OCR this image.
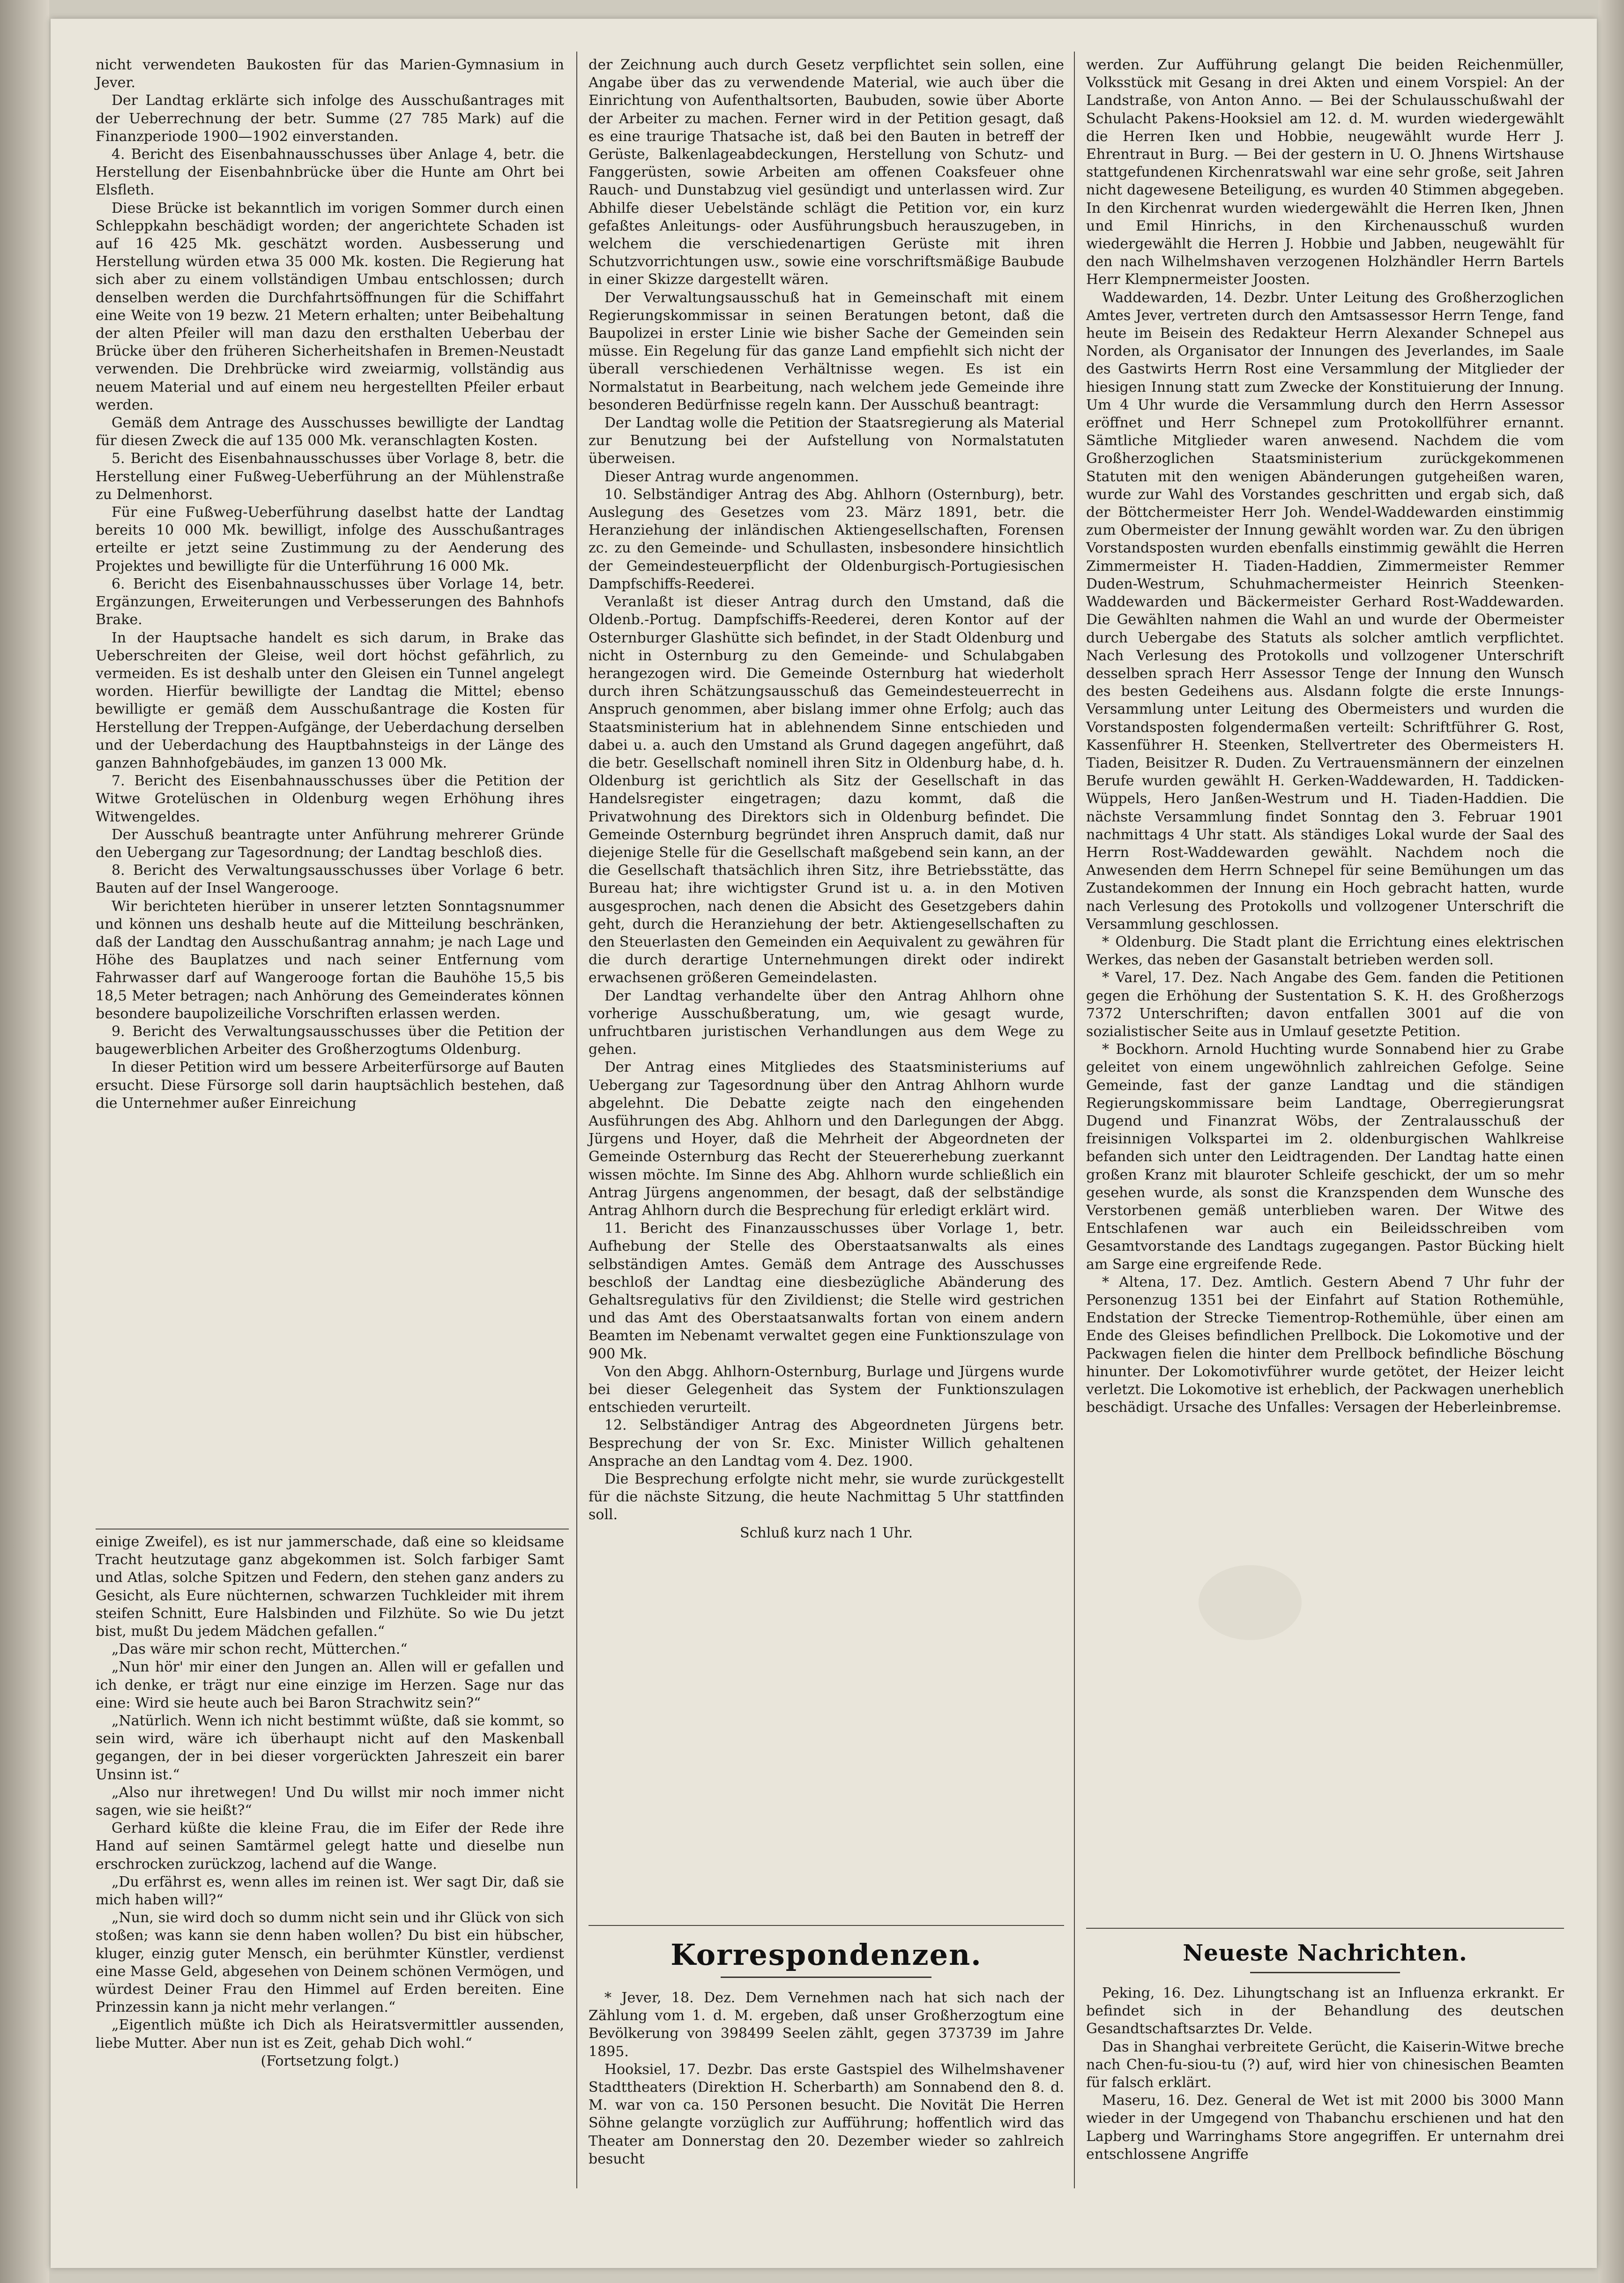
nicht verwendeten Baukosten für das Marien-Gymnasium in Jever.

Der Landtag erklärte sich infolge des Ausschußantrages mit der Ueberrechnung der betr. Summe (27 785 Mark) auf die Finanzperiode 1900—1902 einverstanden.

4. Bericht des Eisenbahnausschusses über Anlage 4, betr. die Herstellung der Eisenbahnbrücke über die Hunte am Ohrt bei Elsfleth.

Diese Brücke ist bekanntlich im vorigen Sommer durch einen Schleppkahn beschädigt worden; der angerichtete Schaden ist auf 16 425 Mk. geschätzt worden. Ausbesserung und Herstellung würden etwa 35 000 Mk. kosten. Die Regierung hat sich aber zu einem vollständigen Umbau entschlossen; durch denselben werden die Durchfahrtsöffnungen für die Schiffahrt eine Weite von 19 bezw. 21 Metern erhalten; unter Beibehaltung der alten Pfeiler will man dazu den ersthalten Ueberbau der Brücke über den früheren Sicherheitshafen in Bremen-Neustadt verwenden. Die Drehbrücke wird zweiarmig, vollständig aus neuem Material und auf einem neu hergestellten Pfeiler erbaut werden.

Gemäß dem Antrage des Ausschusses bewilligte der Landtag für diesen Zweck die auf 135 000 Mk. veranschlagten Kosten.

5. Bericht des Eisenbahnausschusses über Vorlage 8, betr. die Herstellung einer Fußweg-Ueberführung an der Mühlenstraße zu Delmenhorst.

Für eine Fußweg-Ueberführung daselbst hatte der Landtag bereits 10 000 Mk. bewilligt, infolge des Ausschußantrages erteilte er jetzt seine Zustimmung zu der Aenderung des Projektes und bewilligte für die Unterführung 16 000 Mk.

6. Bericht des Eisenbahnausschusses über Vorlage 14, betr. Ergänzungen, Erweiterungen und Verbesserungen des Bahnhofs Brake.

In der Hauptsache handelt es sich darum, in Brake das Ueberschreiten der Gleise, weil dort höchst gefährlich, zu vermeiden. Es ist deshalb unter den Gleisen ein Tunnel angelegt worden. Hierfür bewilligte der Landtag die Mittel; ebenso bewilligte er gemäß dem Ausschußantrage die Kosten für Herstellung der Treppen-Aufgänge, der Ueberdachung derselben und der Ueberdachung des Hauptbahnsteigs in der Länge des ganzen Bahnhofgebäudes, im ganzen 13 000 Mk.

7. Bericht des Eisenbahnausschusses über die Petition der Witwe Grotelüschen in Oldenburg wegen Erhöhung ihres Witwengeldes.

Der Ausschuß beantragte unter Anführung mehrerer Gründe den Uebergang zur Tagesordnung; der Landtag beschloß dies.

8. Bericht des Verwaltungsausschusses über Vorlage 6 betr. Bauten auf der Insel Wangerooge.

Wir berichteten hierüber in unserer letzten Sonntagsnummer und können uns deshalb heute auf die Mitteilung beschränken, daß der Landtag den Ausschußantrag annahm; je nach Lage und Höhe des Bauplatzes und nach seiner Entfernung vom Fahrwasser darf auf Wangerooge fortan die Bauhöhe 15,5 bis 18,5 Meter betragen; nach Anhörung des Gemeinderates können besondere baupolizeiliche Vorschriften erlassen werden.

9. Bericht des Verwaltungsausschusses über die Petition der baugewerblichen Arbeiter des Großherzogtums Oldenburg.

In dieser Petition wird um bessere Arbeiterfürsorge auf Bauten ersucht. Diese Fürsorge soll darin hauptsächlich bestehen, daß die Unternehmer außer Einreichung

einige Zweifel), es ist nur jammerschade, daß eine so kleidsame Tracht heutzutage ganz abgekommen ist. Solch farbiger Samt und Atlas, solche Spitzen und Federn, den stehen ganz anders zu Gesicht, als Eure nüchternen, schwarzen Tuchkleider mit ihrem steifen Schnitt, Eure Halsbinden und Filzhüte. So wie Du jetzt bist, mußt Du jedem Mädchen gefallen.“

„Das wäre mir schon recht, Mütterchen.“

„Nun hör' mir einer den Jungen an. Allen will er gefallen und ich denke, er trägt nur eine einzige im Herzen. Sage nur das eine: Wird sie heute auch bei Baron Strachwitz sein?“

„Natürlich. Wenn ich nicht bestimmt wüßte, daß sie kommt, so sein wird, wäre ich überhaupt nicht auf den Maskenball gegangen, der in bei dieser vorgerückten Jahreszeit ein barer Unsinn ist.“

„Also nur ihretwegen! Und Du willst mir noch immer nicht sagen, wie sie heißt?“

Gerhard küßte die kleine Frau, die im Eifer der Rede ihre Hand auf seinen Samtärmel gelegt hatte und dieselbe nun erschrocken zurückzog, lachend auf die Wange.

„Du erfährst es, wenn alles im reinen ist. Wer sagt Dir, daß sie mich haben will?“

„Nun, sie wird doch so dumm nicht sein und ihr Glück von sich stoßen; was kann sie denn haben wollen? Du bist ein hübscher, kluger, einzig guter Mensch, ein berühmter Künstler, verdienst eine Masse Geld, abgesehen von Deinem schönen Vermögen, und würdest Deiner Frau den Himmel auf Erden bereiten. Eine Prinzessin kann ja nicht mehr verlangen.“

„Eigentlich müßte ich Dich als Heiratsvermittler aussenden, liebe Mutter. Aber nun ist es Zeit, gehab Dich wohl.“

(Fortsetzung folgt.)

der Zeichnung auch durch Gesetz verpflichtet sein sollen, eine Angabe über das zu verwendende Material, wie auch über die Einrichtung von Aufenthaltsorten, Baubuden, sowie über Aborte der Arbeiter zu machen. Ferner wird in der Petition gesagt, daß es eine traurige Thatsache ist, daß bei den Bauten in betreff der Gerüste, Balkenlageabdeckungen, Herstellung von Schutz- und Fanggerüsten, sowie Arbeiten am offenen Coaksfeuer ohne Rauch- und Dunstabzug viel gesündigt und unterlassen wird. Zur Abhilfe dieser Uebelstände schlägt die Petition vor, ein kurz gefaßtes Anleitungs- oder Ausführungsbuch herauszugeben, in welchem die verschiedenartigen Gerüste mit ihren Schutzvorrichtungen usw., sowie eine vorschriftsmäßige Baubude in einer Skizze dargestellt wären.

Der Verwaltungsausschuß hat in Gemeinschaft mit einem Regierungskommissar in seinen Beratungen betont, daß die Baupolizei in erster Linie wie bisher Sache der Gemeinden sein müsse. Ein Regelung für das ganze Land empfiehlt sich nicht der überall verschiedenen Verhältnisse wegen. Es ist ein Normalstatut in Bearbeitung, nach welchem jede Gemeinde ihre besonderen Bedürfnisse regeln kann. Der Ausschuß beantragt:

Der Landtag wolle die Petition der Staatsregierung als Material zur Benutzung bei der Aufstellung von Normalstatuten überweisen.

Dieser Antrag wurde angenommen.

10. Selbständiger Antrag des Abg. Ahlhorn (Osternburg), betr. Auslegung des Gesetzes vom 23. März 1891, betr. die Heranziehung der inländischen Aktiengesellschaften, Forensen zc. zu den Gemeinde- und Schullasten, insbesondere hinsichtlich der Gemeindesteuerpflicht der Oldenburgisch-Portugiesischen Dampfschiffs-Reederei.

Veranlaßt ist dieser Antrag durch den Umstand, daß die Oldenb.-Portug. Dampfschiffs-Reederei, deren Kontor auf der Osternburger Glashütte sich befindet, in der Stadt Oldenburg und nicht in Osternburg zu den Gemeinde- und Schulabgaben herangezogen wird. Die Gemeinde Osternburg hat wiederholt durch ihren Schätzungsausschuß das Gemeindesteuerrecht in Anspruch genommen, aber bislang immer ohne Erfolg; auch das Staatsministerium hat in ablehnendem Sinne entschieden und dabei u. a. auch den Umstand als Grund dagegen angeführt, daß die betr. Gesellschaft nominell ihren Sitz in Oldenburg habe, d. h. Oldenburg ist gerichtlich als Sitz der Gesellschaft in das Handelsregister eingetragen; dazu kommt, daß die Privatwohnung des Direktors sich in Oldenburg befindet. Die Gemeinde Osternburg begründet ihren Anspruch damit, daß nur diejenige Stelle für die Gesellschaft maßgebend sein kann, an der die Gesellschaft thatsächlich ihren Sitz, ihre Betriebsstätte, das Bureau hat; ihre wichtigster Grund ist u. a. in den Motiven ausgesprochen, nach denen die Absicht des Gesetzgebers dahin geht, durch die Heranziehung der betr. Aktiengesellschaften zu den Steuerlasten den Gemeinden ein Aequivalent zu gewähren für die durch derartige Unternehmungen direkt oder indirekt erwachsenen größeren Gemeindelasten.

Der Landtag verhandelte über den Antrag Ahlhorn ohne vorherige Ausschußberatung, um, wie gesagt wurde, unfruchtbaren juristischen Verhandlungen aus dem Wege zu gehen.

Der Antrag eines Mitgliedes des Staatsministeriums auf Uebergang zur Tagesordnung über den Antrag Ahlhorn wurde abgelehnt. Die Debatte zeigte nach den eingehenden Ausführungen des Abg. Ahlhorn und den Darlegungen der Abgg. Jürgens und Hoyer, daß die Mehrheit der Abgeordneten der Gemeinde Osternburg das Recht der Steuererhebung zuerkannt wissen möchte. Im Sinne des Abg. Ahlhorn wurde schließlich ein Antrag Jürgens angenommen, der besagt, daß der selbständige Antrag Ahlhorn durch die Besprechung für erledigt erklärt wird.

11. Bericht des Finanzausschusses über Vorlage 1, betr. Aufhebung der Stelle des Oberstaatsanwalts als eines selbständigen Amtes. Gemäß dem Antrage des Ausschusses beschloß der Landtag eine diesbezügliche Abänderung des Gehaltsregulativs für den Zivildienst; die Stelle wird gestrichen und das Amt des Oberstaatsanwalts fortan von einem andern Beamten im Nebenamt verwaltet gegen eine Funktionszulage von 900 Mk.

Von den Abgg. Ahlhorn-Osternburg, Burlage und Jürgens wurde bei dieser Gelegenheit das System der Funktionszulagen entschieden verurteilt.

12. Selbständiger Antrag des Abgeordneten Jürgens betr. Besprechung der von Sr. Exc. Minister Willich gehaltenen Ansprache an den Landtag vom 4. Dez. 1900.

Die Besprechung erfolgte nicht mehr, sie wurde zurückgestellt für die nächste Sitzung, die heute Nachmittag 5 Uhr stattfinden soll.

Schluß kurz nach 1 Uhr.

Korrespondenzen.

* Jever, 18. Dez. Dem Vernehmen nach hat sich nach der Zählung vom 1. d. M. ergeben, daß unser Großherzogtum eine Bevölkerung von 398499 Seelen zählt, gegen 373739 im Jahre 1895.

Hooksiel, 17. Dezbr. Das erste Gastspiel des Wilhelmshavener Stadttheaters (Direktion H. Scherbarth) am Sonnabend den 8. d. M. war von ca. 150 Personen besucht. Die Novität Die Herren Söhne gelangte vorzüglich zur Aufführung; hoffentlich wird das Theater am Donnerstag den 20. Dezember wieder so zahlreich besucht

werden. Zur Aufführung gelangt Die beiden Reichenmüller, Volksstück mit Gesang in drei Akten und einem Vorspiel: An der Landstraße, von Anton Anno. — Bei der Schulausschußwahl der Schulacht Pakens-Hooksiel am 12. d. M. wurden wiedergewählt die Herren Iken und Hobbie, neugewählt wurde Herr J. Ehrentraut in Burg. — Bei der gestern in U. O. Jhnens Wirtshause stattgefundenen Kirchenratswahl war eine sehr große, seit Jahren nicht dagewesene Beteiligung, es wurden 40 Stimmen abgegeben. In den Kirchenrat wurden wiedergewählt die Herren Iken, Jhnen und Emil Hinrichs, in den Kirchenausschuß wurden wiedergewählt die Herren J. Hobbie und Jabben, neugewählt für den nach Wilhelmshaven verzogenen Holzhändler Herrn Bartels Herr Klempnermeister Joosten.

Waddewarden, 14. Dezbr. Unter Leitung des Großherzoglichen Amtes Jever, vertreten durch den Amtsassessor Herrn Tenge, fand heute im Beisein des Redakteur Herrn Alexander Schnepel aus Norden, als Organisator der Innungen des Jeverlandes, im Saale des Gastwirts Herrn Rost eine Versammlung der Mitglieder der hiesigen Innung statt zum Zwecke der Konstituierung der Innung. Um 4 Uhr wurde die Versammlung durch den Herrn Assessor eröffnet und Herr Schnepel zum Protokollführer ernannt. Sämtliche Mitglieder waren anwesend. Nachdem die vom Großherzoglichen Staatsministerium zurückgekommenen Statuten mit den wenigen Abänderungen gutgeheißen waren, wurde zur Wahl des Vorstandes geschritten und ergab sich, daß der Böttchermeister Herr Joh. Wendel-Waddewarden einstimmig zum Obermeister der Innung gewählt worden war. Zu den übrigen Vorstandsposten wurden ebenfalls einstimmig gewählt die Herren Zimmermeister H. Tiaden-Haddien, Zimmermeister Remmer Duden-Westrum, Schuhmachermeister Heinrich Steenken-Waddewarden und Bäckermeister Gerhard Rost-Waddewarden. Die Gewählten nahmen die Wahl an und wurde der Obermeister durch Uebergabe des Statuts als solcher amtlich verpflichtet. Nach Verlesung des Protokolls und vollzogener Unterschrift desselben sprach Herr Assessor Tenge der Innung den Wunsch des besten Gedeihens aus. Alsdann folgte die erste Innungs-Versammlung unter Leitung des Obermeisters und wurden die Vorstandsposten folgendermaßen verteilt: Schriftführer G. Rost, Kassenführer H. Steenken, Stellvertreter des Obermeisters H. Tiaden, Beisitzer R. Duden. Zu Vertrauensmännern der einzelnen Berufe wurden gewählt H. Gerken-Waddewarden, H. Taddicken-Wüppels, Hero Janßen-Westrum und H. Tiaden-Haddien. Die nächste Versammlung findet Sonntag den 3. Februar 1901 nachmittags 4 Uhr statt. Als ständiges Lokal wurde der Saal des Herrn Rost-Waddewarden gewählt. Nachdem noch die Anwesenden dem Herrn Schnepel für seine Bemühungen um das Zustandekommen der Innung ein Hoch gebracht hatten, wurde nach Verlesung des Protokolls und vollzogener Unterschrift die Versammlung geschlossen.

* Oldenburg. Die Stadt plant die Errichtung eines elektrischen Werkes, das neben der Gasanstalt betrieben werden soll.

* Varel, 17. Dez. Nach Angabe des Gem. fanden die Petitionen gegen die Erhöhung der Sustentation S. K. H. des Großherzogs 7372 Unterschriften; davon entfallen 3001 auf die von sozialistischer Seite aus in Umlauf gesetzte Petition.

* Bockhorn. Arnold Huchting wurde Sonnabend hier zu Grabe geleitet von einem ungewöhnlich zahlreichen Gefolge. Seine Gemeinde, fast der ganze Landtag und die ständigen Regierungskommissare beim Landtage, Oberregierungsrat Dugend und Finanzrat Wöbs, der Zentralausschuß der freisinnigen Volkspartei im 2. oldenburgischen Wahlkreise befanden sich unter den Leidtragenden. Der Landtag hatte einen großen Kranz mit blauroter Schleife geschickt, der um so mehr gesehen wurde, als sonst die Kranzspenden dem Wunsche des Verstorbenen gemäß unterblieben waren. Der Witwe des Entschlafenen war auch ein Beileidsschreiben vom Gesamtvorstande des Landtags zugegangen. Pastor Bücking hielt am Sarge eine ergreifende Rede.

* Altena, 17. Dez. Amtlich. Gestern Abend 7 Uhr fuhr der Personenzug 1351 bei der Einfahrt auf Station Rothemühle, Endstation der Strecke Tiementrop-Rothemühle, über einen am Ende des Gleises befindlichen Prellbock. Die Lokomotive und der Packwagen fielen die hinter dem Prellbock befindliche Böschung hinunter. Der Lokomotivführer wurde getötet, der Heizer leicht verletzt. Die Lokomotive ist erheblich, der Packwagen unerheblich beschädigt. Ursache des Unfalles: Versagen der Heberleinbremse.

Neueste Nachrichten.

Peking, 16. Dez. Lihungtschang ist an Influenza erkrankt. Er befindet sich in der Behandlung des deutschen Gesandtschaftsarztes Dr. Velde.

Das in Shanghai verbreitete Gerücht, die Kaiserin-Witwe breche nach Chen-fu-siou-tu (?) auf, wird hier von chinesischen Beamten für falsch erklärt.

Maseru, 16. Dez. General de Wet ist mit 2000 bis 3000 Mann wieder in der Umgegend von Thabanchu erschienen und hat den Lapberg und Warringhams Store angegriffen. Er unternahm drei entschlossene Angriffe
